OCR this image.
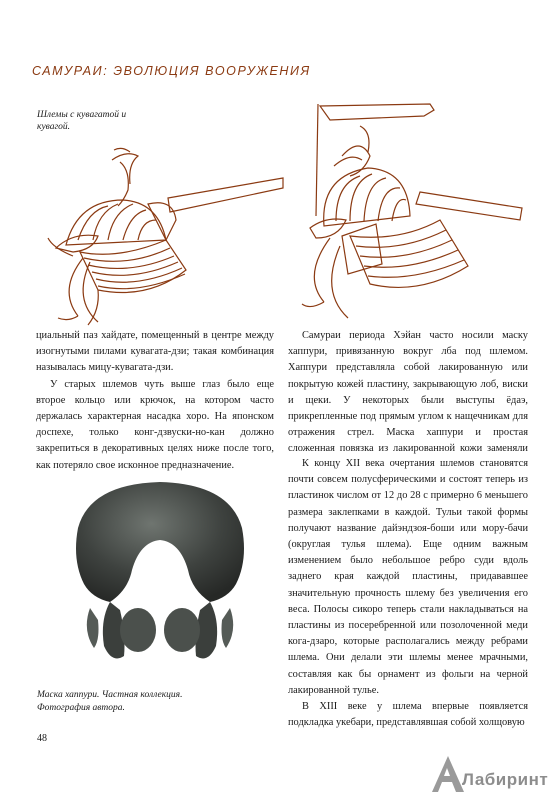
САМУРАИ: ЭВОЛЮЦИЯ ВООРУЖЕНИЯ
Шлемы с кувагатой и кувагой.

циальный паз хайдате, помещенный в центре между изогнутыми пилами кувагата-дзи; такая комбинация называлась мицу-кувагата-дзи.

У старых шлемов чуть выше глаз было еще второе кольцо или крючок, на котором часто держалась характерная насадка хоро. На японском доспехе, только конг-дзвуски-но-кан должно закрепиться в декоративных целях ниже после того, как потеряло свое исконное предназначение.

Самураи периода Хэйан часто носили маску хаппури, привязанную вокруг лба под шлемом. Хаппури представляла собой лакированную или покрытую кожей пластину, закрывающую лоб, виски и щеки. У некоторых были выступы ёдаэ, прикрепленные под прямым углом к нащечникам для отражения стрел. Маска хаппури и простая сложенная повязка из лакированной кожи заменяли

К концу XII века очертания шлемов становятся почти совсем полусферическими и состоят теперь из пластинок числом от 12 до 28 с примерно 6 меньшего размера заклепками в каждой. Тульи такой формы получают название дайэндзоя-боши или мору-бачи (округлая тулья шлема). Еще одним важным изменением было небольшое ребро суди вдоль заднего края каждой пластины, придававшее значительную прочность шлему без увеличения его веса. Полосы сикоро теперь стали накладываться на пластины из посеребренной или позолоченной меди кога-дзаро, которые располагались между ребрами шлема. Они делали эти шлемы менее мрачными, составляя как бы орнамент из фольги на черной лакированной тулье.

В XIII веке у шлема впервые появляется подкладка укебари, представлявшая собой холщовую

Маска хаппури. Частная коллекция. Фотография автора.
48
Лабиринт
